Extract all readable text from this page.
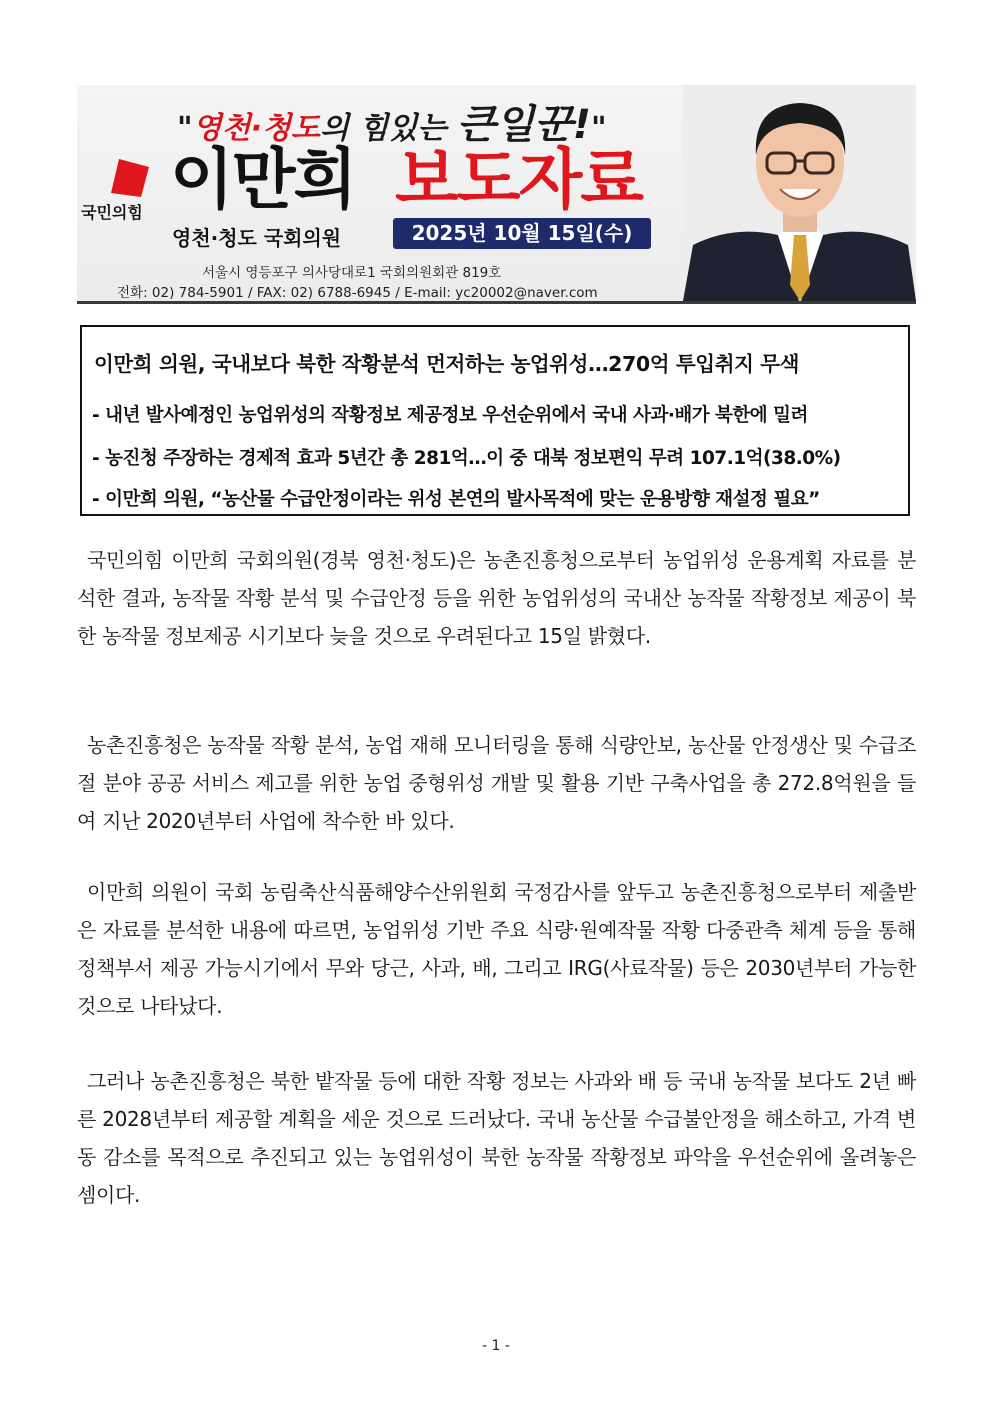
"영천·청도의 힘있는 큰일꾼!"
국민의힘 이만희 보도자료
영천·청도 국회의원	2025년 10월 15일(수)
서울시 영등포구 의사당대로1 국회의원회관 819호
전화: 02) 784-5901 / FAX: 02) 6788-6945 / E-mail: yc20002@naver.com
이만희 의원, 국내보다 북한 작황분석 먼저하는 농업위성…270억 투입취지 무색
- 내년 발사예정인 농업위성의 작황정보 제공정보 우선순위에서 국내 사과·배가 북한에 밀려
- 농진청 주장하는 경제적 효과 5년간 총 281억…이 중 대북 정보편익 무려 107.1억(38.0%)
- 이만희 의원, “농산물 수급안정이라는 위성 본연의 발사목적에 맞는 운용방향 재설정 필요”

국민의힘 이만희 국회의원(경북 영천·청도)은 농촌진흥청으로부터 농업위성 운용계획 자료를 분석한 결과, 농작물 작황 분석 및 수급안정 등을 위한 농업위성의 국내산 농작물 작황정보 제공이 북한 농작물 정보제공 시기보다 늦을 것으로 우려된다고 15일 밝혔다.

농촌진흥청은 농작물 작황 분석, 농업 재해 모니터링을 통해 식량안보, 농산물 안정생산 및 수급조절 분야 공공 서비스 제고를 위한 농업 중형위성 개발 및 활용 기반 구축사업을 총 272.8억원을 들여 지난 2020년부터 사업에 착수한 바 있다.

이만희 의원이 국회 농림축산식품해양수산위원회 국정감사를 앞두고 농촌진흥청으로부터 제출받은 자료를 분석한 내용에 따르면, 농업위성 기반 주요 식량·원예작물 작황 다중관측 체계 등을 통해 정책부서 제공 가능시기에서 무와 당근, 사과, 배, 그리고 IRG(사료작물) 등은 2030년부터 가능한 것으로 나타났다.

그러나 농촌진흥청은 북한 밭작물 등에 대한 작황 정보는 사과와 배 등 국내 농작물 보다도 2년 빠른 2028년부터 제공할 계획을 세운 것으로 드러났다. 국내 농산물 수급불안정을 해소하고, 가격 변동 감소를 목적으로 추진되고 있는 농업위성이 북한 농작물 작황정보 파악을 우선순위에 올려놓은 셈이다.

- 1 -
